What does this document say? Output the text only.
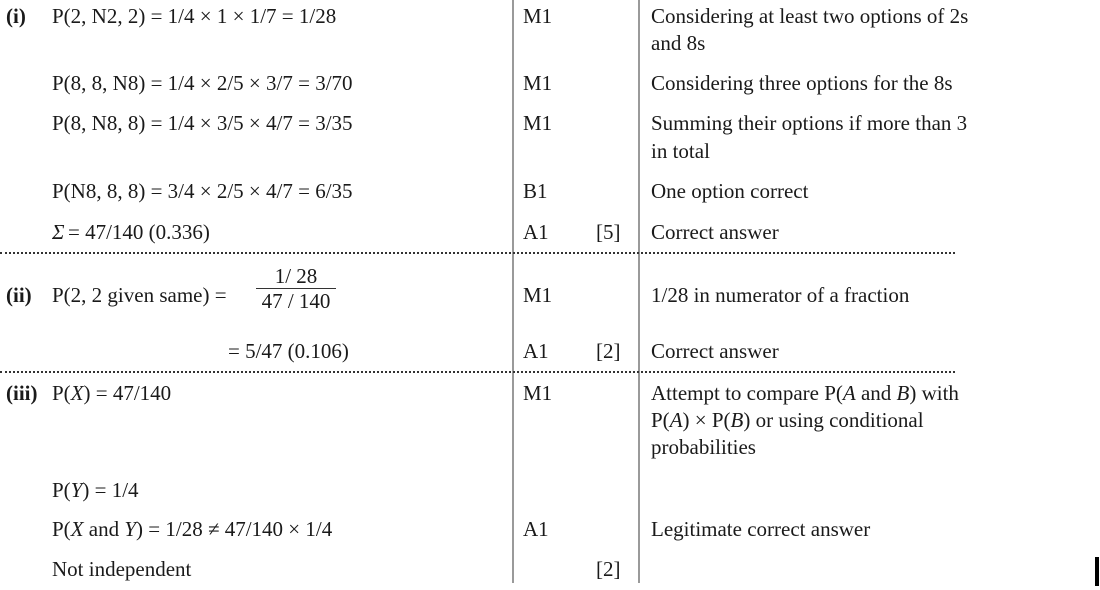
(i) P(2, N2, 2) = 1/4 × 1 × 1/7 = 1/28
P(8, 8, N8) = 1/4 × 2/5 × 3/7 = 3/70
P(8, N8, 8) = 1/4 × 3/5 × 4/7 = 3/35
P(N8, 8, 8) = 3/4 × 2/5 × 4/7 = 6/35
Σ = 47/140 (0.336)
M1
M1
M1
B1
A1 [5]
Considering at least two options of 2s
and 8s
Considering three options for the 8s
Summing their options if more than 3
in total
One option correct
Correct answer
(ii) P(2, 2 given same) = $\frac{1/ 28}{47 / 140}$
= 5/47 (0.106)
M1
A1 [2]
1/28 in numerator of a fraction
Correct answer
(iii) P(X) = 47/140
P(Y) = 1/4
P(X and Y) = 1/28 ≠ 47/140 × 1/4
Not independent
M1
A1
[2]
Attempt to compare P(A and B) with
P(A) × P(B) or using conditional
probabilities
Legitimate correct answer
